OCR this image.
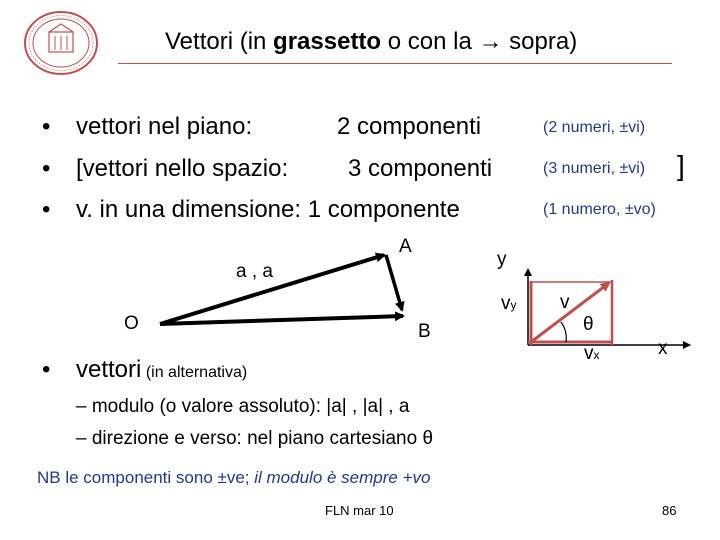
Vettori (in grassetto o con la → sopra)
• vettori nel piano:	2 componenti	(2 numeri, ±vi)
• [vettori nello spazio: 3 componenti	(3 numeri, ±vi) ]
• v. in una dimensione: 1 componente	(1 numero, ±vo)
a , a
A
O	B
y
v
vy
θ
vx	x
• vettori (in alternativa)
– modulo (o valore assoluto): |a| , |a| , a
– direzione e verso: nel piano cartesiano θ
NB le componenti sono ±ve; il modulo è sempre +vo
FLN mar 10	86
